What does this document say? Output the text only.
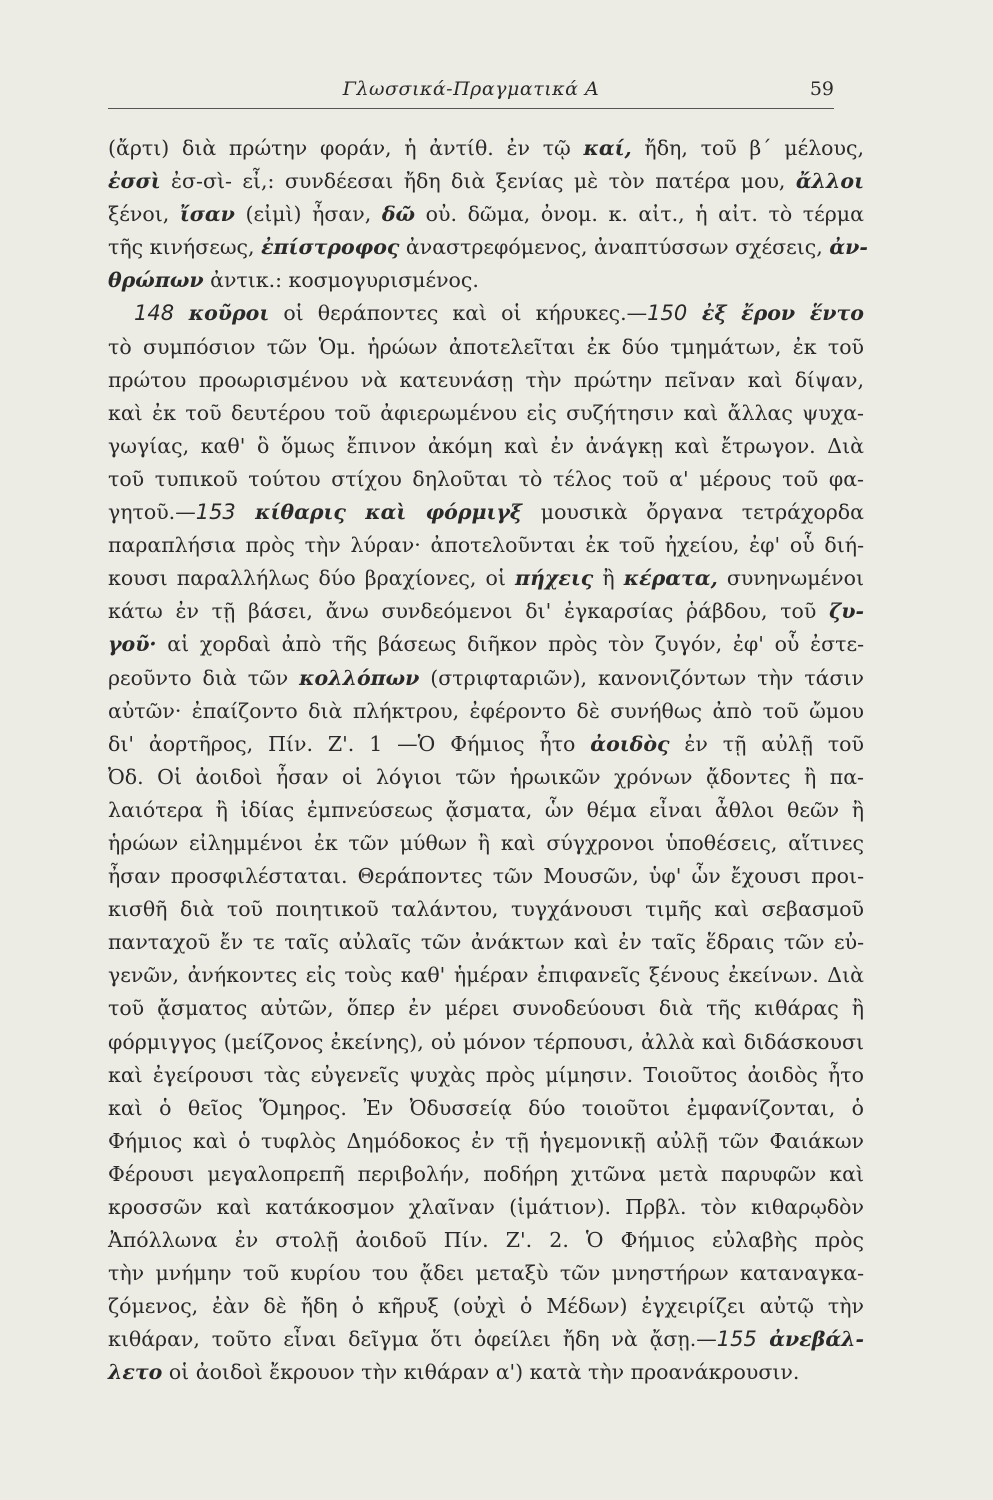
Γλωσσικά-Πραγματικά Α	59
(ἄρτι) διὰ πρώτην φοράν, ἡ ἀντίθ. ἐν τῷ καί, ἤδη, τοῦ β΄ μέλους,
ἐσσὶ ἐσ-σὶ- εἶ,: συνδέεσαι ἤδη διὰ ξενίας μὲ τὸν πατέρα μου, ἄλλοι
ξένοι, ἴσαν (εἰμὶ) ἦσαν, δῶ οὐ. δῶμα, ὀνομ. κ. αἰτ., ἡ αἰτ. τὸ τέρμα
τῆς κινήσεως, ἐπίστροφος ἀναστρεφόμενος, ἀναπτύσσων σχέσεις, ἀν-
θρώπων ἀντικ.: κοσμογυρισμένος.
148 κοῦροι οἱ θεράποντες καὶ οἱ κήρυκες.—150 ἐξ ἔρον ἕντο
τὸ συμπόσιον τῶν Ὁμ. ἡρώων ἀποτελεῖται ἐκ δύο τμημάτων, ἐκ τοῦ
πρώτου προωρισμένου νὰ κατευνάσῃ τὴν πρώτην πεῖναν καὶ δίψαν,
καὶ ἐκ τοῦ δευτέρου τοῦ ἀφιερωμένου εἰς συζήτησιν καὶ ἄλλας ψυχα-
γωγίας, καθ' ὃ ὅμως ἔπινον ἀκόμη καὶ ἐν ἀνάγκῃ καὶ ἔτρωγον. Διὰ
τοῦ τυπικοῦ τούτου στίχου δηλοῦται τὸ τέλος τοῦ α' μέρους τοῦ φα-
γητοῦ.—153 κίθαρις καὶ φόρμιγξ μουσικὰ ὄργανα τετράχορδα
παραπλήσια πρὸς τὴν λύραν· ἀποτελοῦνται ἐκ τοῦ ἠχείου, ἐφ' οὗ διή-
κουσι παραλλήλως δύο βραχίονες, οἱ πήχεις ἢ κέρατα, συνηνωμένοι
κάτω ἐν τῇ βάσει, ἄνω συνδεόμενοι δι' ἐγκαρσίας ῥάβδου, τοῦ ζυ-
γοῦ· αἱ χορδαὶ ἀπὸ τῆς βάσεως διῆκον πρὸς τὸν ζυγόν, ἐφ' οὗ ἐστε-
ρεοῦντο διὰ τῶν κολλόπων (στριφταριῶν), κανονιζόντων τὴν τάσιν
αὐτῶν· ἐπαίζοντο διὰ πλήκτρου, ἐφέροντο δὲ συνήθως ἀπὸ τοῦ ὤμου
δι' ἀορτῆρος, Πίν. Ζ'. 1 —Ὁ Φήμιος ἦτο ἀοιδὸς ἐν τῇ αὐλῇ τοῦ
Ὀδ. Οἱ ἀοιδοὶ ἦσαν οἱ λόγιοι τῶν ἡρωικῶν χρόνων ᾄδοντες ἢ πα-
λαιότερα ἢ ἰδίας ἐμπνεύσεως ᾄσματα, ὧν θέμα εἶναι ἆθλοι θεῶν ἢ
ἡρώων εἰλημμένοι ἐκ τῶν μύθων ἢ καὶ σύγχρονοι ὑποθέσεις, αἵτινες
ἦσαν προσφιλέσταται. Θεράποντες τῶν Μουσῶν, ὑφ' ὧν ἔχουσι προι-
κισθῆ διὰ τοῦ ποιητικοῦ ταλάντου, τυγχάνουσι τιμῆς καὶ σεβασμοῦ
πανταχοῦ ἔν τε ταῖς αὐλαῖς τῶν ἀνάκτων καὶ ἐν ταῖς ἕδραις τῶν εὐ-
γενῶν, ἀνήκοντες εἰς τοὺς καθ' ἡμέραν ἐπιφανεῖς ξένους ἐκείνων. Διὰ
τοῦ ᾄσματος αὐτῶν, ὅπερ ἐν μέρει συνοδεύουσι διὰ τῆς κιθάρας ἢ
φόρμιγγος (μείζονος ἐκείνης), οὐ μόνον τέρπουσι, ἀλλὰ καὶ διδάσκουσι
καὶ ἐγείρουσι τὰς εὐγενεῖς ψυχὰς πρὸς μίμησιν. Τοιοῦτος ἀοιδὸς ἦτο
καὶ ὁ θεῖος Ὅμηρος. Ἐν Ὀδυσσείᾳ δύο τοιοῦτοι ἐμφανίζονται, ὁ
Φήμιος καὶ ὁ τυφλὸς Δημόδοκος ἐν τῇ ἡγεμονικῇ αὐλῇ τῶν Φαιάκων
Φέρουσι μεγαλοπρεπῆ περιβολήν, ποδήρη χιτῶνα μετὰ παρυφῶν καὶ
κροσσῶν καὶ κατάκοσμον χλαῖναν (ἱμάτιον). Πρβλ. τὸν κιθαρῳδὸν
Ἀπόλλωνα ἐν στολῇ ἀοιδοῦ Πίν. Ζ'. 2. Ὁ Φήμιος εὐλαβὴς πρὸς
τὴν μνήμην τοῦ κυρίου του ᾄδει μεταξὺ τῶν μνηστήρων καταναγκα-
ζόμενος, ἐὰν δὲ ἤδη ὁ κῆρυξ (οὐχὶ ὁ Μέδων) ἐγχειρίζει αὐτῷ τὴν
κιθάραν, τοῦτο εἶναι δεῖγμα ὅτι ὀφείλει ἤδη νὰ ᾄσῃ.—155 ἀνεβάλ-
λετο οἱ ἀοιδοὶ ἔκρουον τὴν κιθάραν α') κατὰ τὴν προανάκρουσιν.
